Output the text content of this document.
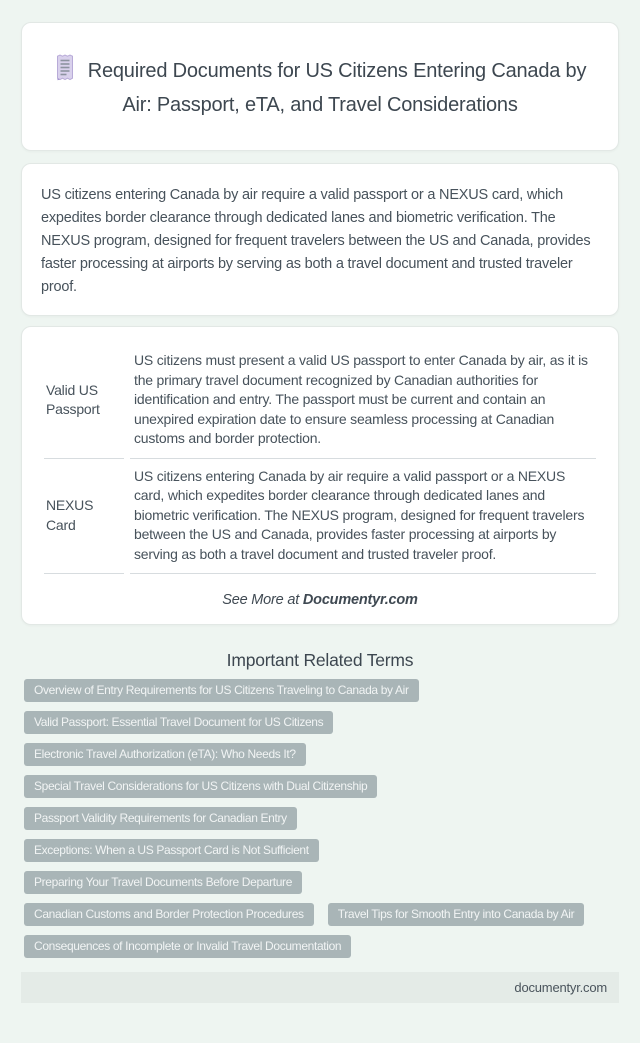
Required Documents for US Citizens Entering Canada by Air: Passport, eTA, and Travel Considerations
US citizens entering Canada by air require a valid passport or a NEXUS card, which expedites border clearance through dedicated lanes and biometric verification. The NEXUS program, designed for frequent travelers between the US and Canada, provides faster processing at airports by serving as both a travel document and trusted traveler proof.
Valid US Passport	US citizens must present a valid US passport to enter Canada by air, as it is the primary travel document recognized by Canadian authorities for identification and entry. The passport must be current and contain an unexpired expiration date to ensure seamless processing at Canadian customs and border protection.
NEXUS Card	US citizens entering Canada by air require a valid passport or a NEXUS card, which expedites border clearance through dedicated lanes and biometric verification. The NEXUS program, designed for frequent travelers between the US and Canada, provides faster processing at airports by serving as both a travel document and trusted traveler proof.
See More at Documentyr.com
Important Related Terms
Overview of Entry Requirements for US Citizens Traveling to Canada by Air
Valid Passport: Essential Travel Document for US Citizens
Electronic Travel Authorization (eTA): Who Needs It?
Special Travel Considerations for US Citizens with Dual Citizenship
Passport Validity Requirements for Canadian Entry
Exceptions: When a US Passport Card is Not Sufficient
Preparing Your Travel Documents Before Departure
Canadian Customs and Border Protection Procedures	Travel Tips for Smooth Entry into Canada by Air
Consequences of Incomplete or Invalid Travel Documentation
documentyr.com
